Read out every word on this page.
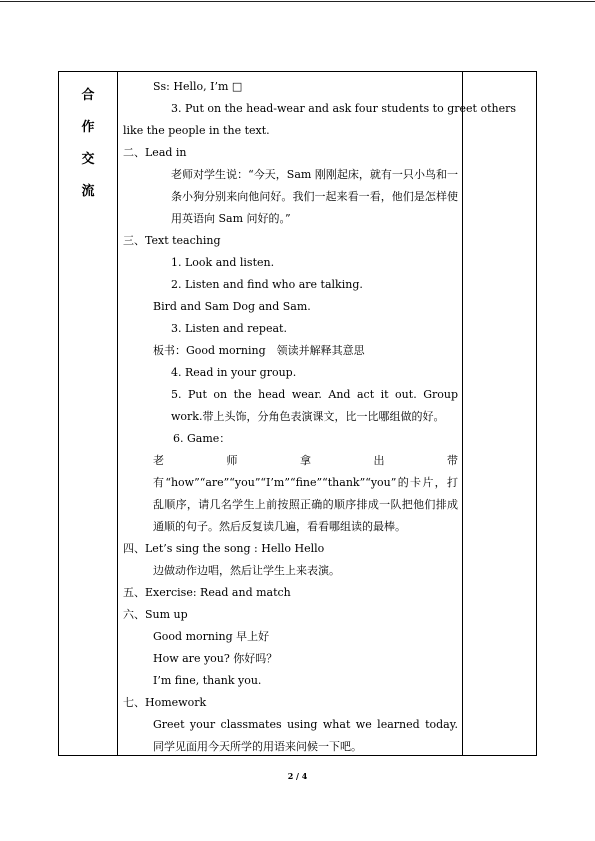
合
作
交
流
Ss: Hello, I’m □
3. Put on the head-wear and ask four students to greet others
like the people in the text.
二、Lead in
老师对学生说：“今天，Sam 刚刚起床，就有一只小鸟和一条小狗分别来向他问好。我们一起来看一看，他们是怎样使用英语向 Sam 问好的。”
三、Text teaching
1. Look and listen.
2. Listen and find who are talking.
Bird and Sam Dog and Sam.
3. Listen and repeat.
板书：Good morning　领读并解释其意思
4. Read in your group.
5. Put on the head wear. And act it out. Group work.带上头饰，分角色表演课文，比一比哪组做的好。
6. Game：
老师拿出带有“how”“are”“you”“I’m”“fine”“thank”“you”的卡片，打乱顺序，请几名学生上前按照正确的顺序排成一队把他们排成通顺的句子。然后反复读几遍，看看哪组读的最棒。
四、Let’s sing the song : Hello Hello
边做动作边唱，然后让学生上来表演。
五、Exercise: Read and match
六、Sum up
Good morning 早上好
How are you? 你好吗？
I’m fine, thank you.
七、Homework
Greet your classmates using what we learned today. 同学见面用今天所学的用语来问候一下吧。
2 / 4
